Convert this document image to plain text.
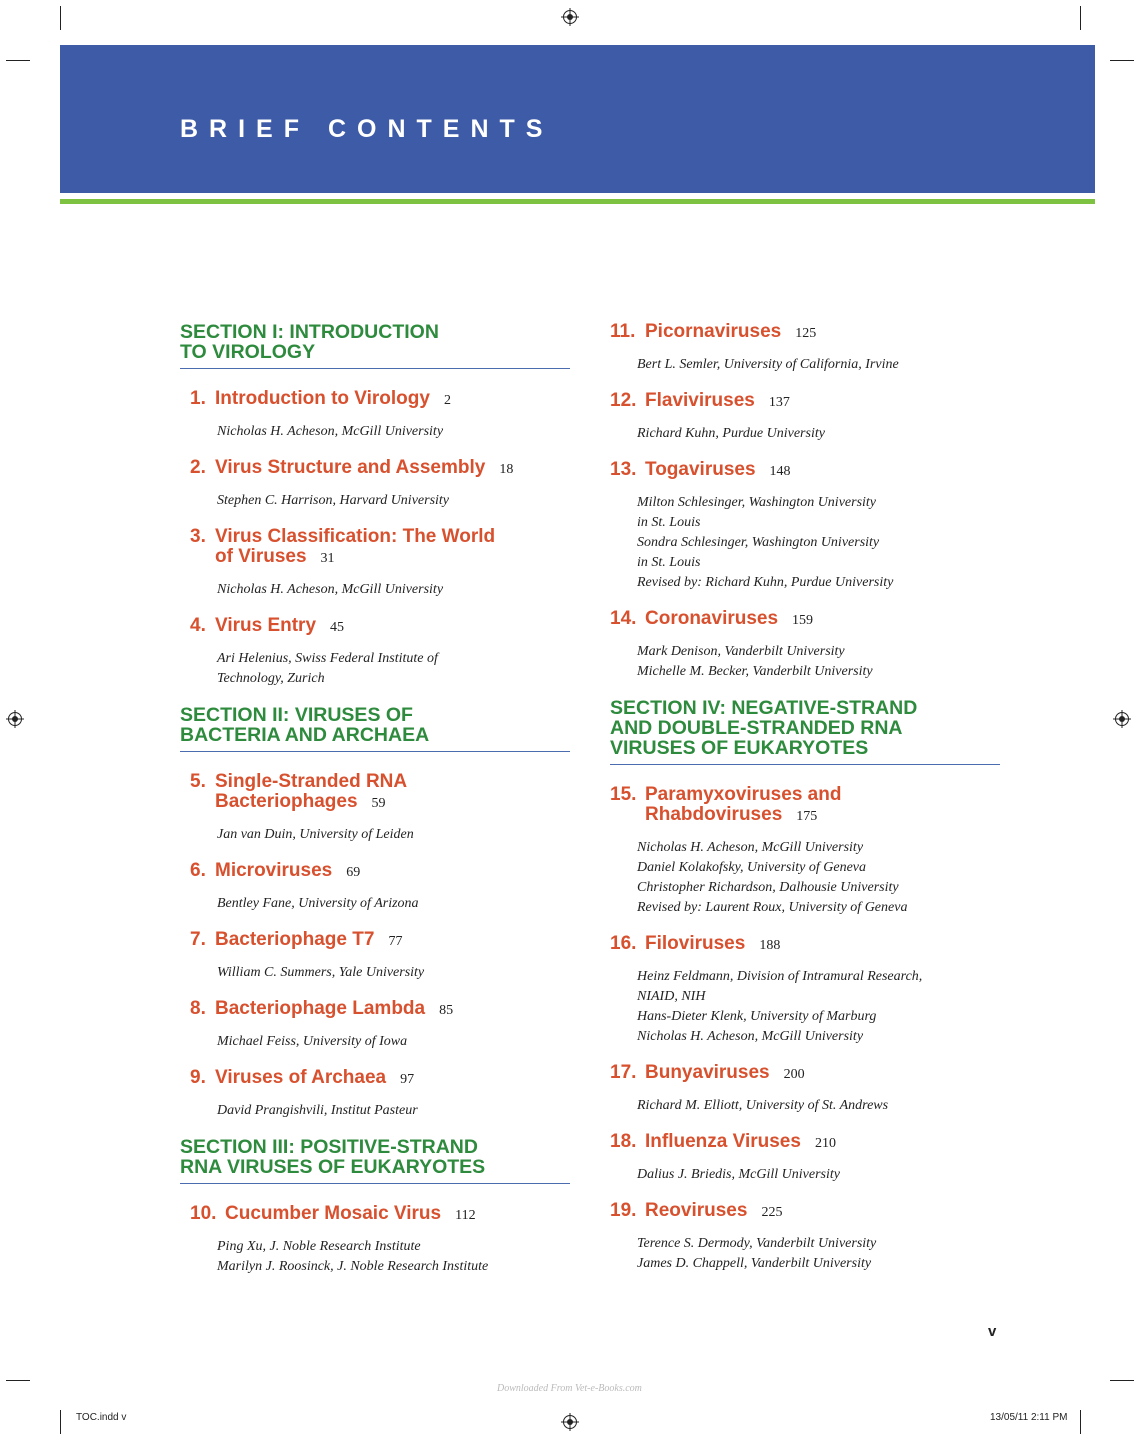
BRIEF CONTENTS
SECTION I: INTRODUCTION
TO VIROLOGY
1. Introduction to Virology 2
Nicholas H. Acheson, McGill University
2. Virus Structure and Assembly 18
Stephen C. Harrison, Harvard University
3. Virus Classification: The World
of Viruses 31
Nicholas H. Acheson, McGill University
4. Virus Entry 45
Ari Helenius, Swiss Federal Institute of
Technology, Zurich
SECTION II: VIRUSES OF
BACTERIA AND ARCHAEA
5. Single-Stranded RNA
Bacteriophages 59
Jan van Duin, University of Leiden
6. Microviruses 69
Bentley Fane, University of Arizona
7. Bacteriophage T7 77
William C. Summers, Yale University
8. Bacteriophage Lambda 85
Michael Feiss, University of Iowa
9. Viruses of Archaea 97
David Prangishvili, Institut Pasteur
SECTION III: POSITIVE-STRAND
RNA VIRUSES OF EUKARYOTES
10. Cucumber Mosaic Virus 112
Ping Xu, J. Noble Research Institute
Marilyn J. Roosinck, J. Noble Research Institute
11. Picornaviruses 125
Bert L. Semler, University of California, Irvine
12. Flaviviruses 137
Richard Kuhn, Purdue University
13. Togaviruses 148
Milton Schlesinger, Washington University
in St. Louis
Sondra Schlesinger, Washington University
in St. Louis
Revised by: Richard Kuhn, Purdue University
14. Coronaviruses 159
Mark Denison, Vanderbilt University
Michelle M. Becker, Vanderbilt University
SECTION IV: NEGATIVE-STRAND
AND DOUBLE-STRANDED RNA
VIRUSES OF EUKARYOTES
15. Paramyxoviruses and
Rhabdoviruses 175
Nicholas H. Acheson, McGill University
Daniel Kolakofsky, University of Geneva
Christopher Richardson, Dalhousie University
Revised by: Laurent Roux, University of Geneva
16. Filoviruses 188
Heinz Feldmann, Division of Intramural Research,
NIAID, NIH
Hans-Dieter Klenk, University of Marburg
Nicholas H. Acheson, McGill University
17. Bunyaviruses 200
Richard M. Elliott, University of St. Andrews
18. Influenza Viruses 210
Dalius J. Briedis, McGill University
19. Reoviruses 225
Terence S. Dermody, Vanderbilt University
James D. Chappell, Vanderbilt University
v
Downloaded From Vet-e-Books.com
TOC.indd v	13/05/11 2:11 PM
